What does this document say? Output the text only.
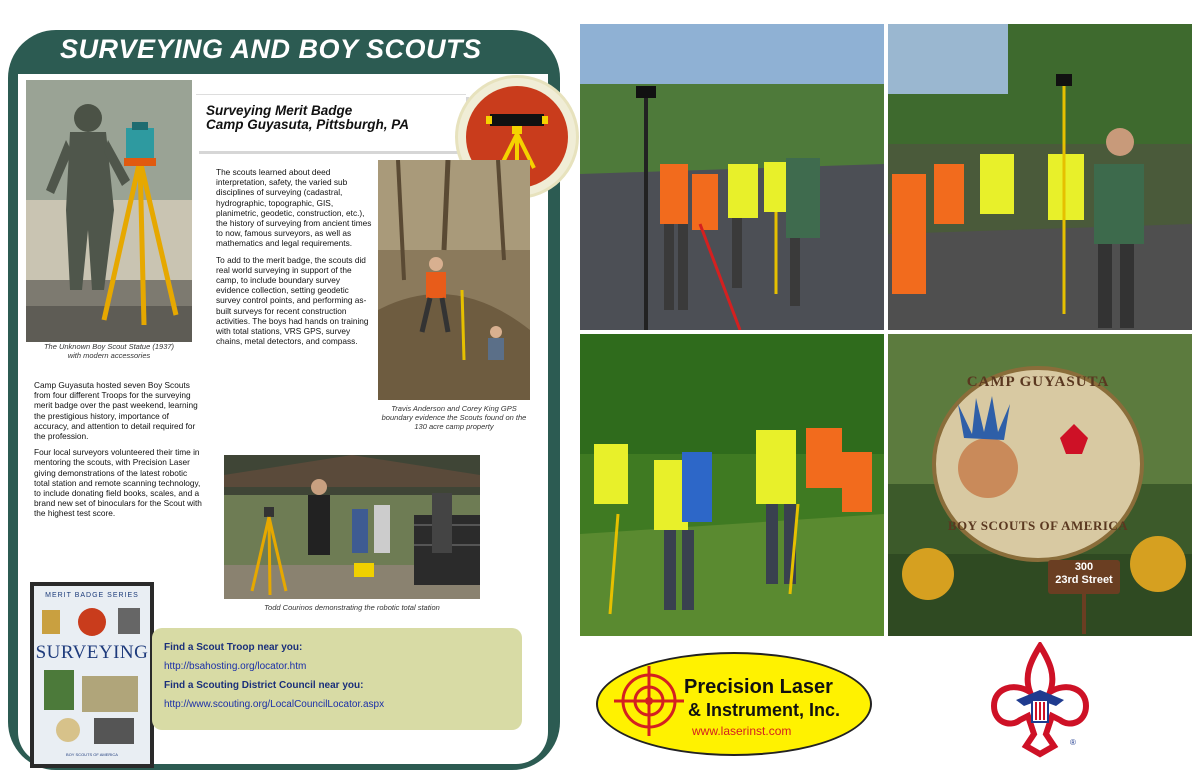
SURVEYING AND BOY SCOUTS
The Unknown Boy Scout Statue (1937)
with modern accessories
Surveying Merit Badge
Camp Guyasuta, Pittsburgh, PA

The scouts learned about deed interpretation, safety, the varied sub disciplines of surveying (cadastral, hydrographic, topographic, GIS, planimetric, geodetic, construction, etc.), the history of surveying from ancient times to now, famous surveyors, as well as mathematics and legal requirements.

To add to the merit badge, the scouts did real world surveying in support of the camp, to include boundary survey evidence collection, setting geodetic survey control points, and performing as-built surveys for recent construction activities. The boys had hands on training with total stations, VRS GPS, survey chains, metal detectors, and compass.

Travis Anderson and Corey King GPS boundary evidence the Scouts found on the 130 acre camp property

Camp Guyasuta hosted seven Boy Scouts from four different Troops for the surveying merit badge over the past weekend, learning the prestigious history, importance of accuracy, and attention to detail required for the profession.

Four local surveyors volunteered their time in mentoring the scouts, with Precision Laser giving demonstrations of the latest robotic total station and remote scanning technology, to include donating field books, scales, and a brand new set of binoculars for the Scout with the highest test score.

Todd Courinos demonstrating the robotic total station
MERIT BADGE SERIES
SURVEYING
BOY SCOUTS OF AMERICA
Find a Scout Troop near you:
http://bsahosting.org/locator.htm
Find a Scouting District Council near you:
http://www.scouting.org/LocalCouncilLocator.aspx
CAMP GUYASUTA
BOY SCOUTS OF AMERICA
300
23rd Street
Precision Laser
& Instrument, Inc.
www.laserinst.com
®
